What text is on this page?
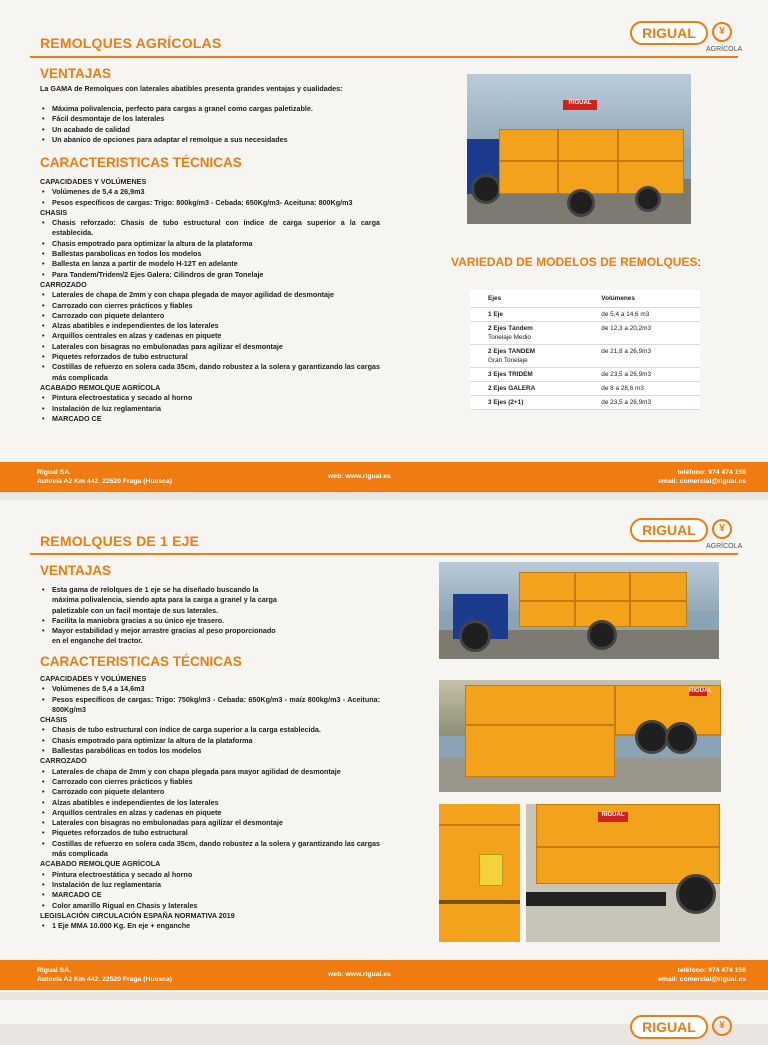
REMOLQUES AGRÍCOLAS
RIGUAL	¥
AGRÍCOLA
VENTAJAS
La GAMA de Remolques con laterales abatibles presenta grandes ventajas y cualidades:
• Máxima polivalencia, perfecto para cargas a granel como cargas paletizable.
• Fácil desmontaje de los laterales
• Un acabado de calidad
• Un abanico de opciones para adaptar el remolque a sus necesidades
CARACTERISTICAS TÉCNICAS
CAPACIDADES Y VOLÚMENES
• Volúmenes de 5,4 a 26,9m3
• Pesos específicos de cargas: Trigo: 800kg/m3 - Cebada: 650Kg/m3- Aceituna: 800Kg/m3
CHASIS
• Chasis reforzado: Chasis de tubo estructural con índice de carga superior a la carga establecida.
• Chasis empotrado para optimizar la altura de la plataforma
• Ballestas parabolicas en todos los modelos
• Ballesta en lanza a partir de modelo H-12T en adelante
• Para Tandem/Tridem/2 Ejes Galera: Cilindros de gran Tonelaje
CARROZADO
• Laterales de chapa de 2mm y con chapa plegada de mayor agilidad de desmontaje
• Carrozado con cierres prácticos y fiables
• Carrozado con piquete delantero
• Alzas abatibles e independientes de los laterales
• Arquillos centrales en alzas y cadenas en piquete
• Laterales con bisagras no embulonadas para agilizar el desmontaje
• Piquetes reforzados de tubo estructural
• Costillas de refuerzo en solera cada 35cm, dando robustez a la solera y garantizando las cargas más complicada
ACABADO REMOLQUE AGRÍCOLA
• Pintura electroestatica y secado al horno
• Instalación de luz reglamentaria
• MARCADO CE
RIGUAL
VARIEDAD DE MODELOS DE REMOLQUES:
Ejes	Volúmenes
1 Eje	de 5,4 a 14,6 m3
2 Ejes Tándem
Tonelaje Medio	de 12,3 a 20,2m3
2 Ejes TANDEM
Gran Tonelaje	de 21,8 a 26,9m3
3 Ejes TRIDEM	de 23,5 a 26,9m3
2 Ejes GALERA	de 8 a 28,6 m3
3 Ejes (2+1)	de 23,5 a 26,9m3
Rigual SA.
Autovía A2 Km 442. 22520 Fraga (Huesca)
web: www.rigual.es
teléfono: 974 474 150
email: comercial@rigual.es
REMOLQUES DE 1 EJE
RIGUAL	¥
AGRÍCOLA
VENTAJAS
• Esta gama de relolques de 1 eje se ha diseñado buscando la máxima polivalencia, siendo apta para la carga a granel y la carga paletizable con un facil montaje de sus laterales.
• Facilita la maniobra gracias a su único eje trasero.
• Mayor estabilidad y mejor arrastre gracias al peso proporcionado en el enganche del tractor.
CARACTERISTICAS TÉCNICAS
CAPACIDADES Y VOLÚMENES
• Volúmenes de 5,4 a 14,6m3
• Pesos específicos de cargas: Trigo: 750kg/m3 - Cebada: 650Kg/m3 - maíz 800kg/m3 - Aceituna: 800Kg/m3
CHASIS
• Chasis de tubo estructural con índice de carga superior a la carga establecida.
• Chasis empotrado para optimizar la altura de la plataforma
• Ballestas parabólicas en todos los modelos
CARROZADO
• Laterales de chapa de 2mm y con chapa plegada para mayor agilidad de desmontaje
• Carrozado con cierres prácticos y fiables
• Carrozado con piquete delantero
• Alzas abatibles e independientes de los laterales
• Arquillos centrales en alzas y cadenas en piquete
• Laterales con bisagras no embulonadas para agilizar el desmontaje
• Piquetes reforzados de tubo estructural
• Costillas de refuerzo en solera cada 35cm, dando robustez a la solera y garantizando las cargas más complicada
ACABADO REMOLQUE AGRÍCOLA
• Pintura electroestática y secado al horno
• Instalación de luz reglamentaria
• MARCADO CE
• Color amarillo Rigual en Chasis y laterales
LEGISLACIÓN CIRCULACIÓN ESPAÑA NORMATIVA 2019
• 1 Eje MMA 10.000 Kg. En eje + enganche
RIGUAL
RIGUAL
Rigual SA.
Autovía A2 Km 442. 22520 Fraga (Huesca)
web: www.rigual.es
teléfono: 974 474 150
email: comercial@rigual.es
RIGUAL	¥
